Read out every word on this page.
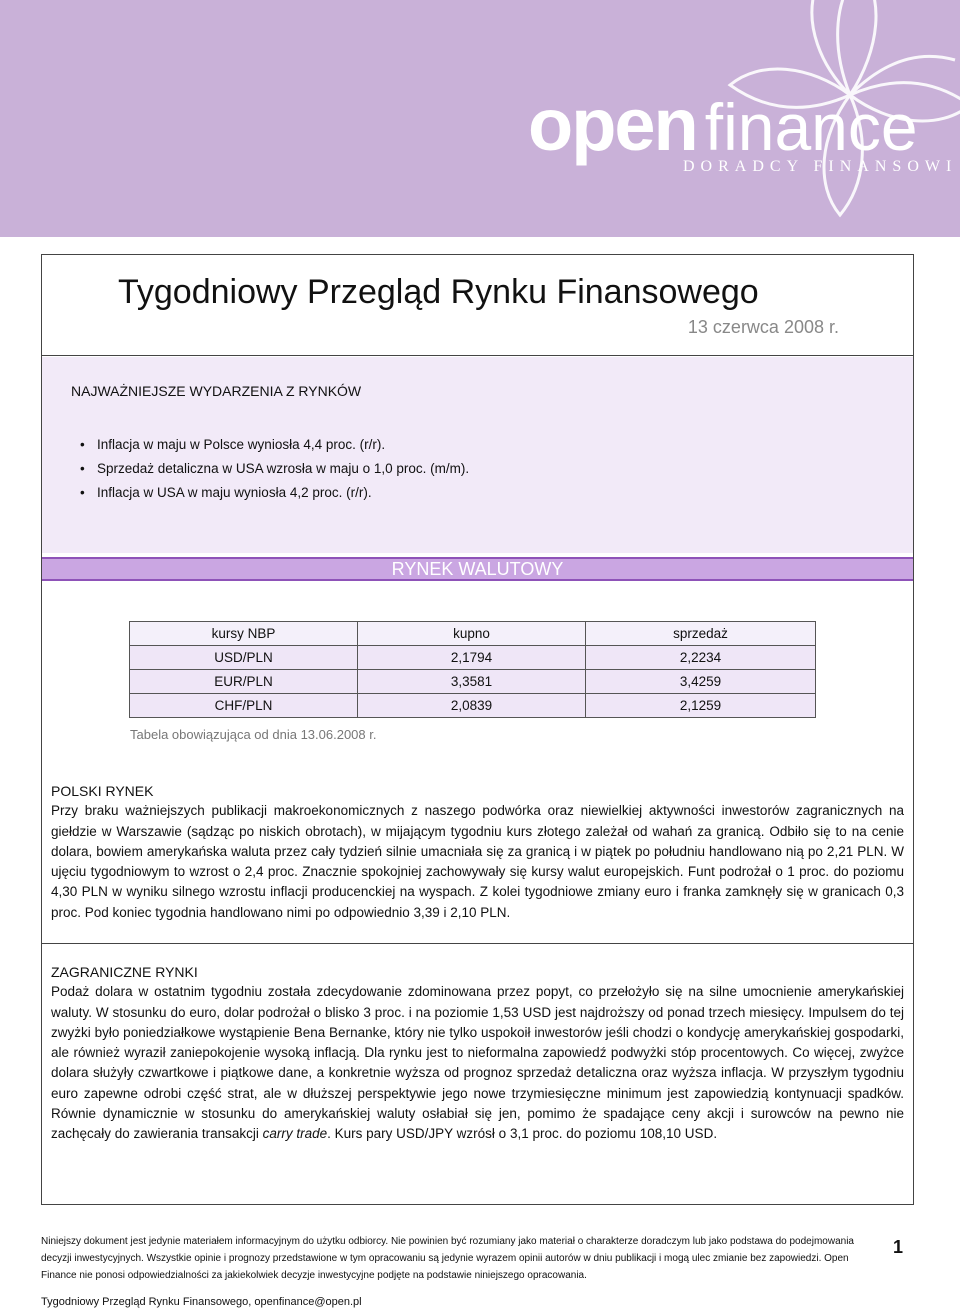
open finance
DORADCY FINANSOWI
Tygodniowy Przegląd Rynku Finansowego
13 czerwca 2008 r.
NAJWAŻNIEJSZE WYDARZENIA Z RYNKÓW
• Inflacja w maju w Polsce wyniosła 4,4 proc. (r/r).
• Sprzedaż detaliczna w USA wzrosła w maju o 1,0 proc. (m/m).
• Inflacja w USA w maju wyniosła 4,2 proc. (r/r).
RYNEK WALUTOWY
kursy NBP	kupno	sprzedaż
USD/PLN	2,1794	2,2234
EUR/PLN	3,3581	3,4259
CHF/PLN	2,0839	2,1259
Tabela obowiązująca od dnia 13.06.2008 r.
POLSKI RYNEK
Przy braku ważniejszych publikacji makroekonomicznych z naszego podwórka oraz niewielkiej aktywności inwestorów zagranicznych na giełdzie w Warszawie (sądząc po niskich obrotach), w mijającym tygodniu kurs złotego zależał od wahań za granicą. Odbiło się to na cenie dolara, bowiem amerykańska waluta przez cały tydzień silnie umacniała się za granicą i w piątek po południu handlowano nią po 2,21 PLN. W ujęciu tygodniowym to wzrost o 2,4 proc. Znacznie spokojniej zachowywały się kursy walut europejskich. Funt podrożał o 1 proc. do poziomu 4,30 PLN w wyniku silnego wzrostu inflacji producenckiej na wyspach. Z kolei tygodniowe zmiany euro i franka zamknęły się w granicach 0,3 proc. Pod koniec tygodnia handlowano nimi po odpowiednio 3,39 i 2,10 PLN.
ZAGRANICZNE RYNKI
Podaż dolara w ostatnim tygodniu została zdecydowanie zdominowana przez popyt, co przełożyło się na silne umocnienie amerykańskiej waluty. W stosunku do euro, dolar podrożał o blisko 3 proc. i na poziomie 1,53 USD jest najdroższy od ponad trzech miesięcy. Impulsem do tej zwyżki było poniedziałkowe wystąpienie Bena Bernanke, który nie tylko uspokoił inwestorów jeśli chodzi o kondycję amerykańskiej gospodarki, ale również wyraził zaniepokojenie wysoką inflacją. Dla rynku jest to nieformalna zapowiedź podwyżki stóp procentowych. Co więcej, zwyżce dolara służyły czwartkowe i piątkowe dane, a konkretnie wyższa od prognoz sprzedaż detaliczna oraz wyższa inflacja. W przyszłym tygodniu euro zapewne odrobi część strat, ale w dłuższej perspektywie jego nowe trzymiesięczne minimum jest zapowiedzią kontynuacji spadków. Równie dynamicznie w stosunku do amerykańskiej waluty osłabiał się jen, pomimo że spadające ceny akcji i surowców na pewno nie zachęcały do zawierania transakcji carry trade. Kurs pary USD/JPY wzrósł o 3,1 proc. do poziomu 108,10 USD.
Niniejszy dokument jest jedynie materiałem informacyjnym do użytku odbiorcy. Nie powinien być rozumiany jako materiał o charakterze doradczym lub jako podstawa do podejmowania decyzji inwestycyjnych. Wszystkie opinie i prognozy przedstawione w tym opracowaniu są jedynie wyrazem opinii autorów w dniu publikacji i mogą ulec zmianie bez zapowiedzi. Open Finance nie ponosi odpowiedzialności za jakiekolwiek decyzje inwestycyjne podjęte na podstawie niniejszego opracowania.
1
Tygodniowy Przegląd Rynku Finansowego, openfinance@open.pl
